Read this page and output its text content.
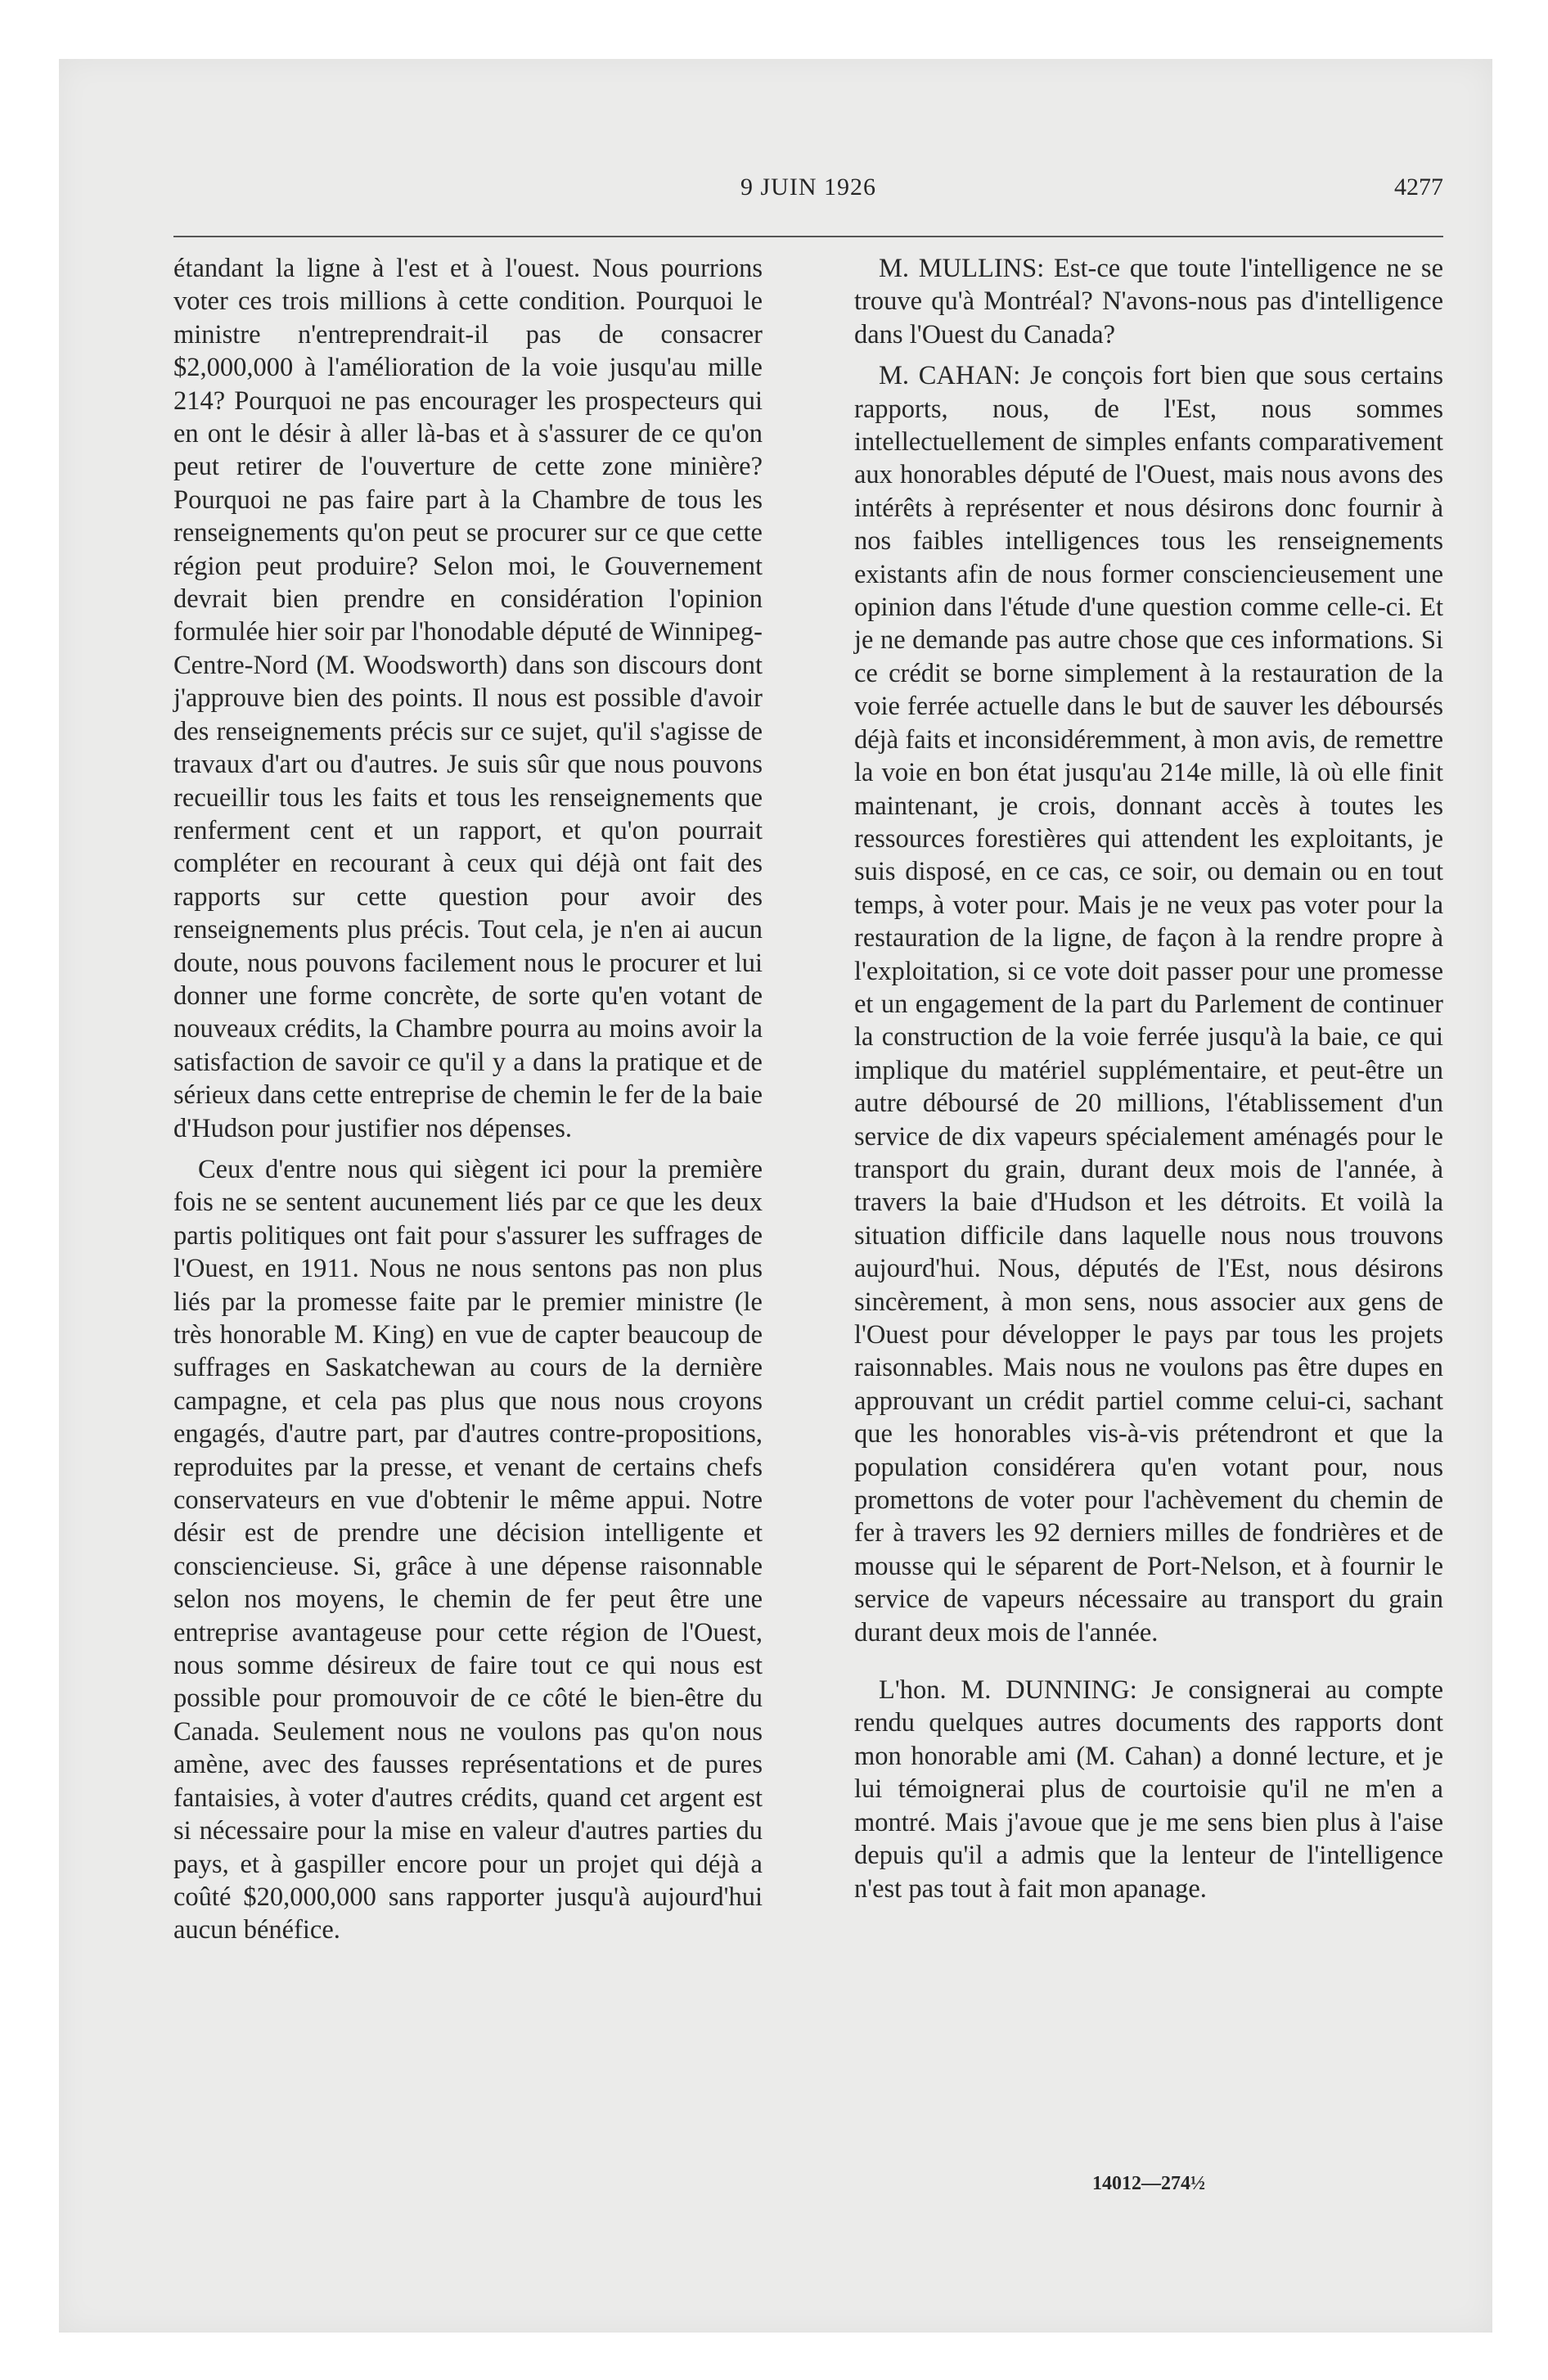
9 JUIN 1926	4277

étandant la ligne à l'est et à l'ouest. Nous pourrions voter ces trois millions à cette condition. Pourquoi le ministre n'entreprendrait-il pas de consacrer $2,000,000 à l'amélioration de la voie jusqu'au mille 214? Pourquoi ne pas encourager les prospecteurs qui en ont le désir à aller là-bas et à s'assurer de ce qu'on peut retirer de l'ouverture de cette zone minière? Pourquoi ne pas faire part à la Chambre de tous les renseignements qu'on peut se procurer sur ce que cette région peut produire? Selon moi, le Gouvernement devrait bien prendre en considération l'opinion formulée hier soir par l'honodable député de Winnipeg-Centre-Nord (M. Woodsworth) dans son discours dont j'approuve bien des points. Il nous est possible d'avoir des renseignements précis sur ce sujet, qu'il s'agisse de travaux d'art ou d'autres. Je suis sûr que nous pouvons recueillir tous les faits et tous les renseignements que renferment cent et un rapport, et qu'on pourrait compléter en recourant à ceux qui déjà ont fait des rapports sur cette question pour avoir des renseignements plus précis. Tout cela, je n'en ai aucun doute, nous pouvons facilement nous le procurer et lui donner une forme concrète, de sorte qu'en votant de nouveaux crédits, la Chambre pourra au moins avoir la satisfaction de savoir ce qu'il y a dans la pratique et de sérieux dans cette entreprise de chemin le fer de la baie d'Hudson pour justifier nos dépenses.

Ceux d'entre nous qui siègent ici pour la première fois ne se sentent aucunement liés par ce que les deux partis politiques ont fait pour s'assurer les suffrages de l'Ouest, en 1911. Nous ne nous sentons pas non plus liés par la promesse faite par le premier ministre (le très honorable M. King) en vue de capter beaucoup de suffrages en Saskatchewan au cours de la dernière campagne, et cela pas plus que nous nous croyons engagés, d'autre part, par d'autres contre-propositions, reproduites par la presse, et venant de certains chefs conservateurs en vue d'obtenir le même appui. Notre désir est de prendre une décision intelligente et consciencieuse. Si, grâce à une dépense raisonnable selon nos moyens, le chemin de fer peut être une entreprise avantageuse pour cette région de l'Ouest, nous somme désireux de faire tout ce qui nous est possible pour promouvoir de ce côté le bien-être du Canada. Seulement nous ne voulons pas qu'on nous amène, avec des fausses représentations et de pures fantaisies, à voter d'autres crédits, quand cet argent est si nécessaire pour la mise en valeur d'autres parties du pays, et à gaspiller encore pour un projet qui déjà a coûté $20,000,000 sans rapporter jusqu'à aujourd'hui aucun bénéfice.

M. MULLINS: Est-ce que toute l'intelligence ne se trouve qu'à Montréal? N'avons-nous pas d'intelligence dans l'Ouest du Canada?

M. CAHAN: Je conçois fort bien que sous certains rapports, nous, de l'Est, nous sommes intellectuellement de simples enfants comparativement aux honorables député de l'Ouest, mais nous avons des intérêts à représenter et nous désirons donc fournir à nos faibles intelligences tous les renseignements existants afin de nous former consciencieusement une opinion dans l'étude d'une question comme celle-ci. Et je ne demande pas autre chose que ces informations. Si ce crédit se borne simplement à la restauration de la voie ferrée actuelle dans le but de sauver les déboursés déjà faits et inconsidéremment, à mon avis, de remettre la voie en bon état jusqu'au 214e mille, là où elle finit maintenant, je crois, donnant accès à toutes les ressources forestières qui attendent les exploitants, je suis disposé, en ce cas, ce soir, ou demain ou en tout temps, à voter pour. Mais je ne veux pas voter pour la restauration de la ligne, de façon à la rendre propre à l'exploitation, si ce vote doit passer pour une promesse et un engagement de la part du Parlement de continuer la construction de la voie ferrée jusqu'à la baie, ce qui implique du matériel supplémentaire, et peut-être un autre déboursé de 20 millions, l'établissement d'un service de dix vapeurs spécialement aménagés pour le transport du grain, durant deux mois de l'année, à travers la baie d'Hudson et les détroits. Et voilà la situation difficile dans laquelle nous nous trouvons aujourd'hui. Nous, députés de l'Est, nous désirons sincèrement, à mon sens, nous associer aux gens de l'Ouest pour développer le pays par tous les projets raisonnables. Mais nous ne voulons pas être dupes en approuvant un crédit partiel comme celui-ci, sachant que les honorables vis-à-vis prétendront et que la population considérera qu'en votant pour, nous promettons de voter pour l'achèvement du chemin de fer à travers les 92 derniers milles de fondrières et de mousse qui le séparent de Port-Nelson, et à fournir le service de vapeurs nécessaire au transport du grain durant deux mois de l'année.

L'hon. M. DUNNING: Je consignerai au compte rendu quelques autres documents des rapports dont mon honorable ami (M. Cahan) a donné lecture, et je lui témoignerai plus de courtoisie qu'il ne m'en a montré. Mais j'avoue que je me sens bien plus à l'aise depuis qu'il a admis que la lenteur de l'intelligence n'est pas tout à fait mon apanage.

14012—274½
